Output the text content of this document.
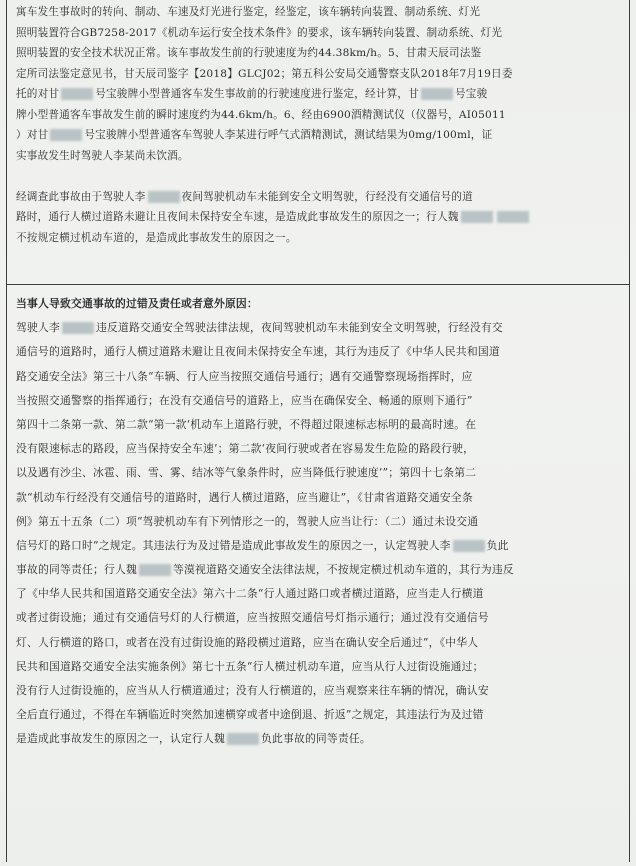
寓车发生事故时的转向、制动、车速及灯光进行鉴定，经鉴定，该车辆转向装置、制动系统、灯光
照明装置符合GB7258-2017《机动车运行安全技术条件》的要求，该车辆转向装置、制动系统、灯光
照明装置的安全技术状况正常。该车事故发生前的行驶速度为约44.38km/h。5、甘肃天辰司法鉴
定所司法鉴定意见书，甘天辰司鉴字【2018】GLCJ02；第五科公安局交通警察支队2018年7月19日委
托的对甘	号宝骏牌小型普通客车发生事故前的行驶速度进行鉴定，经计算，甘	号宝骏
牌小型普通客车事故发生前的瞬时速度约为44.6km/h。6、经由6900酒精测试仪（仪器号，AI05011
）对甘	号宝骏牌小型普通客车驾驶人李某进行呼气式酒精测试，测试结果为0mg/100ml，证
实事故发生时驾驶人李某尚未饮酒。
经调查此事故由于驾驶人李	夜间驾驶机动车未能到安全文明驾驶，行经没有交通信号的道
路时，通行人横过道路未避让且夜间未保持安全车速，是造成此事故发生的原因之一；行人魏
不按规定横过机动车道的，是造成此事故发生的原因之一。
当事人导致交通事故的过错及责任或者意外原因：
驾驶人李	违反道路交通安全驾驶法律法规，夜间驾驶机动车未能到安全文明驾驶，行经没有交
通信号的道路时，通行人横过道路未避让且夜间未保持安全车速，其行为违反了《中华人民共和国道
路交通安全法》第三十八条“车辆、行人应当按照交通信号通行；遇有交通警察现场指挥时，应
当按照交通警察的指挥通行；在没有交通信号的道路上，应当在确保安全、畅通的原则下通行”
第四十二条第一款、第二款“第一款‘机动车上道路行驶，不得超过限速标志标明的最高时速。在
没有限速标志的路段，应当保持安全车速’；第二款‘夜间行驶或者在容易发生危险的路段行驶，
以及遇有沙尘、冰雹、雨、雪、雾、结冰等气象条件时，应当降低行驶速度’”；第四十七条第二
款“机动车行经没有交通信号的道路时，遇行人横过道路，应当避让”，《甘肃省道路交通安全条
例》第五十五条（二）项“驾驶机动车有下列情形之一的，驾驶人应当让行：（二）通过未设交通
信号灯的路口时”之规定。其违法行为及过错是造成此事故发生的原因之一，认定驾驶人李	负此
事故的同等责任；行人魏	等漠视道路交通安全法律法规，不按规定横过机动车道的，其行为违反
了《中华人民共和国道路交通安全法》第六十二条“行人通过路口或者横过道路，应当走人行横道
或者过街设施；通过有交通信号灯的人行横道，应当按照交通信号灯指示通行；通过没有交通信号
灯、人行横道的路口，或者在没有过街设施的路段横过道路，应当在确认安全后通过”，《中华人
民共和国道路交通安全法实施条例》第七十五条“行人横过机动车道，应当从行人过街设施通过；
没有行人过街设施的，应当从人行横道通过；没有人行横道的，应当观察来往车辆的情况，确认安
全后直行通过，不得在车辆临近时突然加速横穿或者中途倒退、折返”之规定，其违法行为及过错
是造成此事故发生的原因之一，认定行人魏	负此事故的同等责任。
